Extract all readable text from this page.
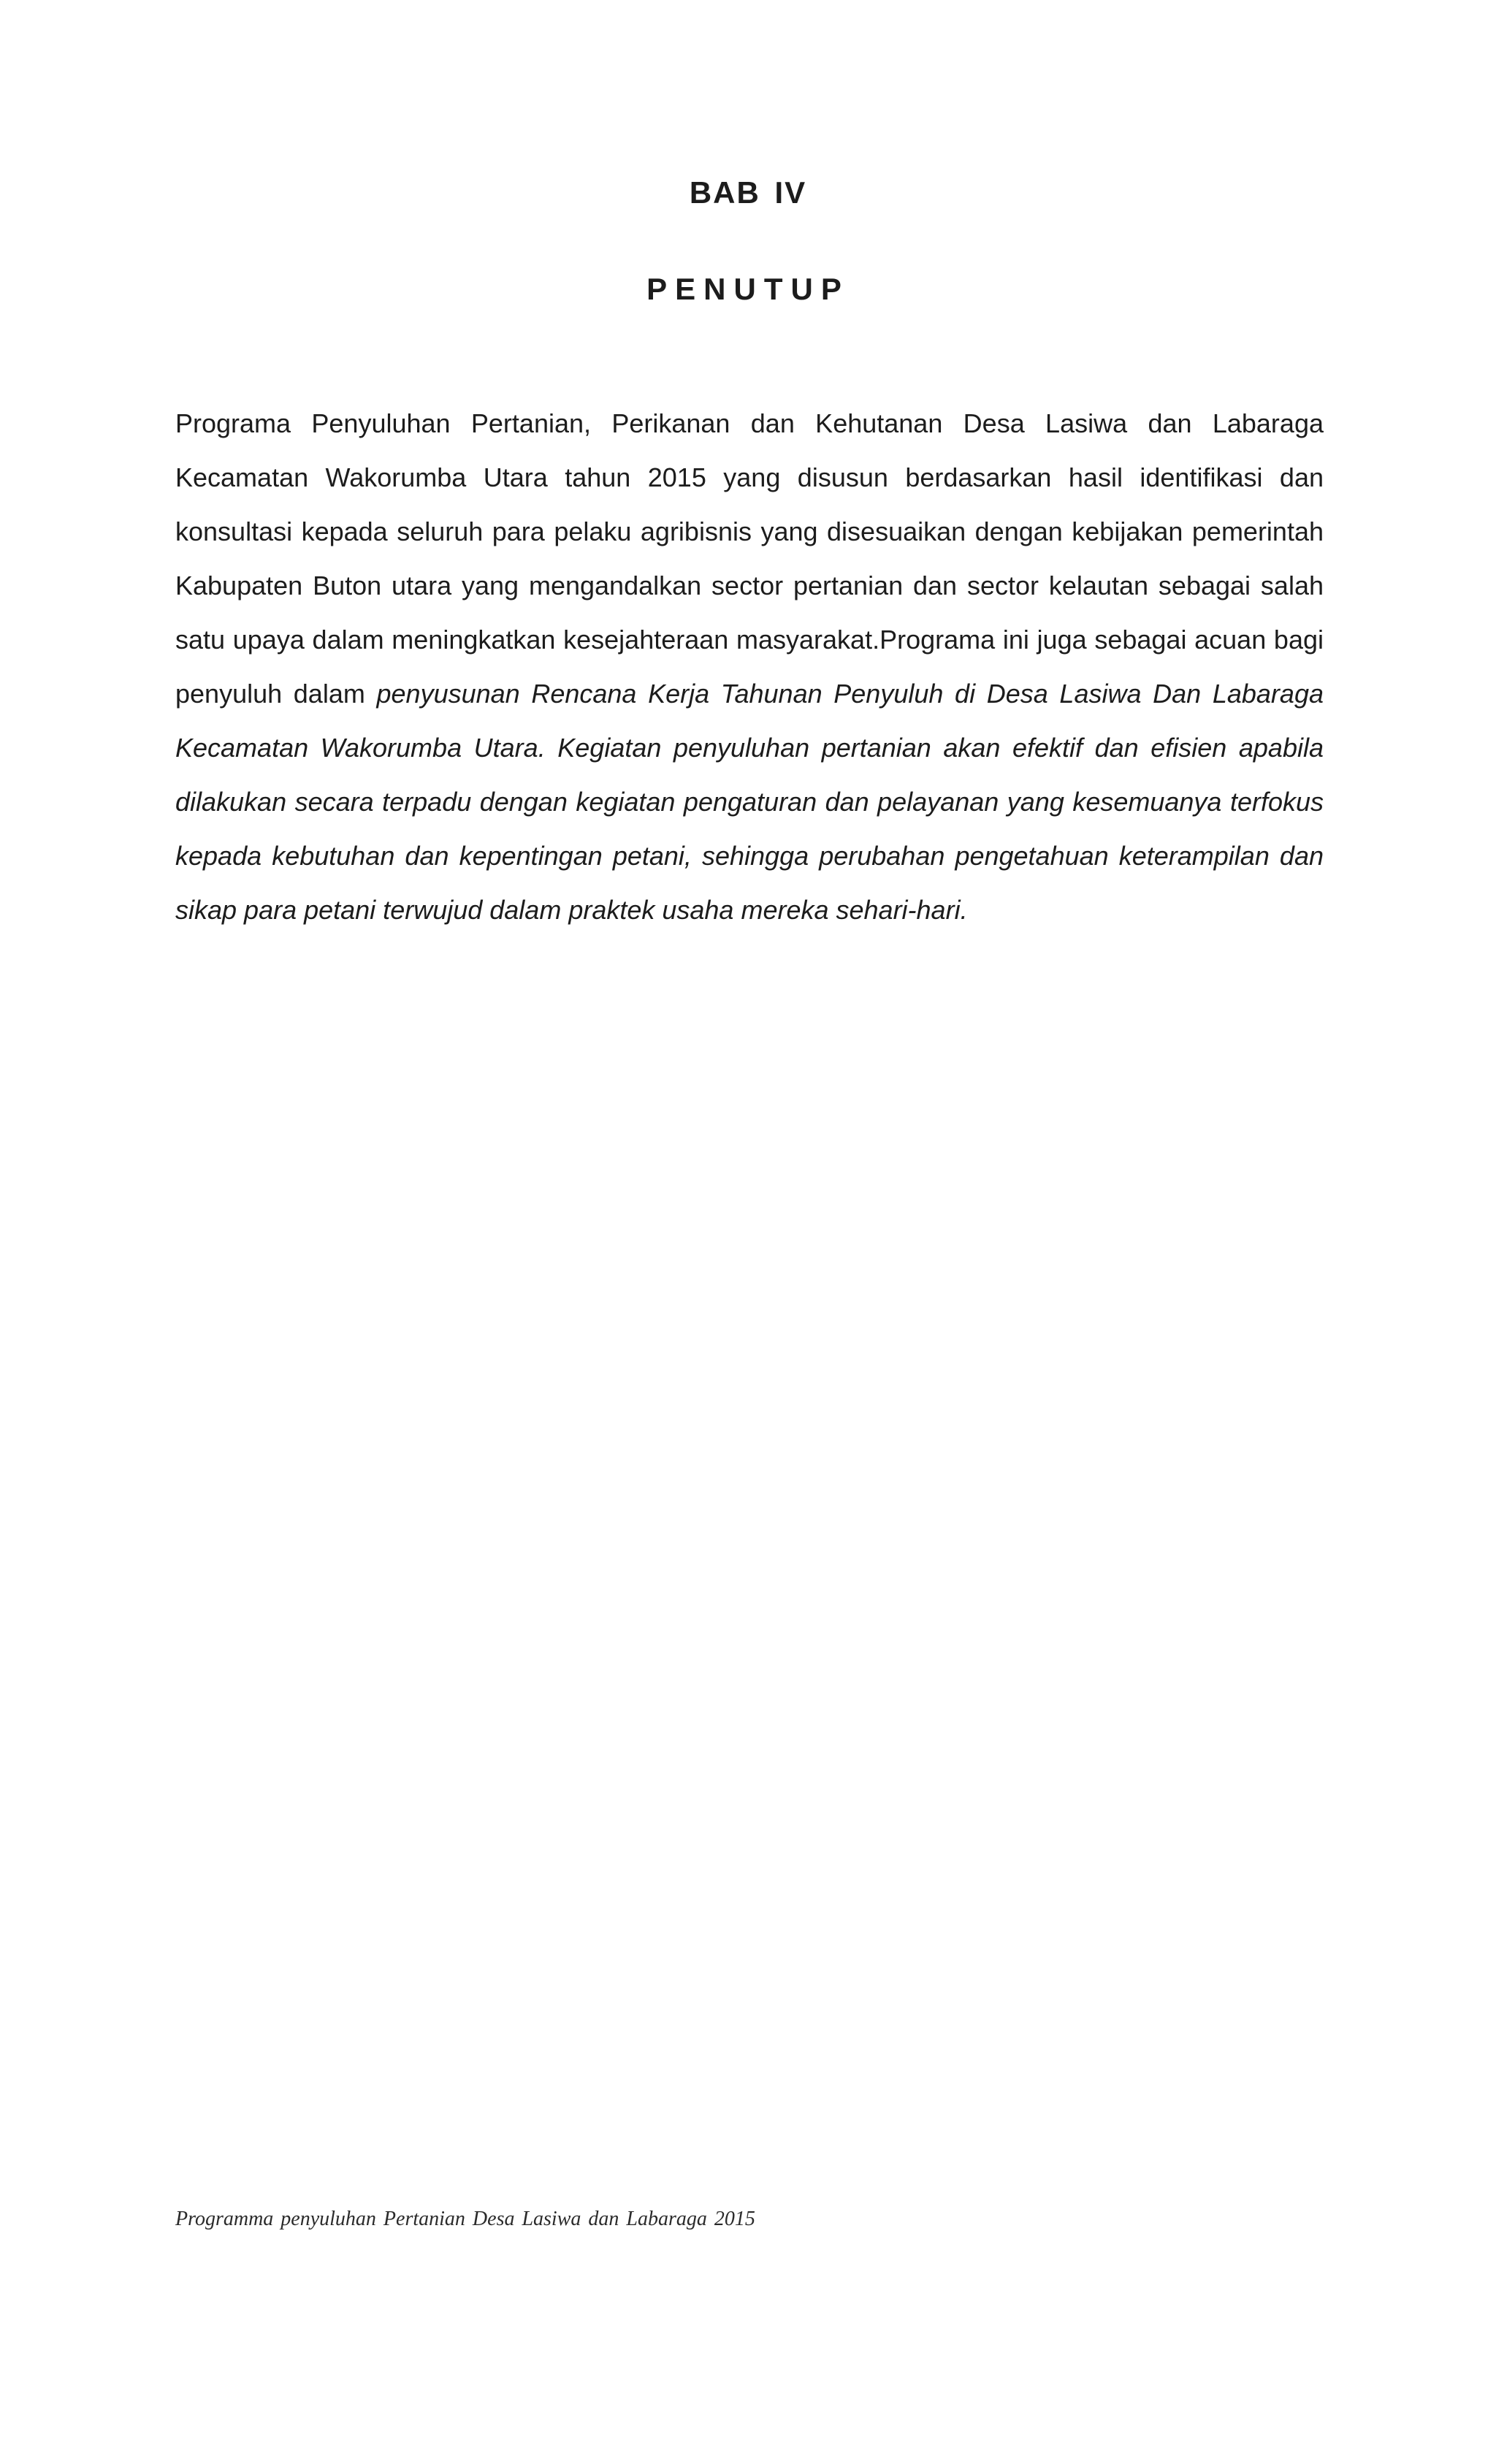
BAB IV
PENUTUP

Programa Penyuluhan Pertanian, Perikanan dan Kehutanan Desa Lasiwa dan Labaraga Kecamatan Wakorumba Utara tahun 2015 yang disusun berdasarkan hasil identifikasi dan konsultasi kepada seluruh para pelaku agribisnis yang disesuaikan dengan kebijakan pemerintah Kabupaten Buton utara yang mengandalkan sector pertanian dan sector kelautan sebagai salah satu upaya dalam meningkatkan kesejahteraan masyarakat.Programa ini juga sebagai acuan bagi penyuluh dalam penyusunan Rencana Kerja Tahunan Penyuluh di Desa Lasiwa Dan Labaraga Kecamatan Wakorumba Utara. Kegiatan penyuluhan pertanian akan efektif dan efisien apabila dilakukan secara terpadu dengan kegiatan pengaturan dan pelayanan yang kesemuanya terfokus kepada kebutuhan dan kepentingan petani, sehingga perubahan pengetahuan keterampilan dan sikap para petani terwujud dalam praktek usaha mereka sehari-hari.

Programma penyuluhan Pertanian Desa Lasiwa dan Labaraga 2015
